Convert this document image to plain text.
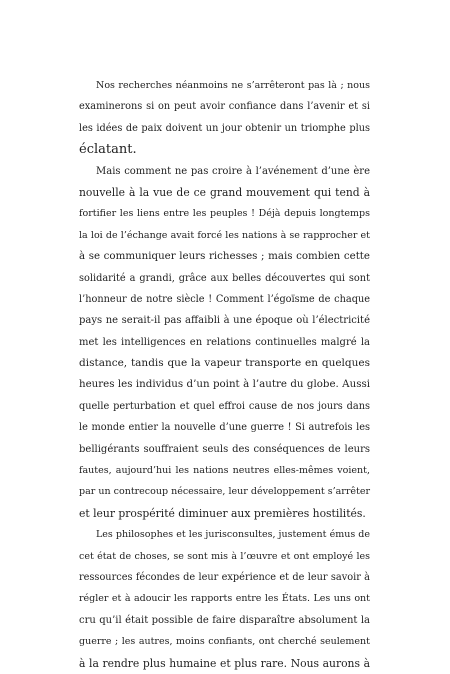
Nos recherches néanmoins ne s’arrêteront pas là ; nous
examinerons si on peut avoir confiance dans l’avenir et si
les idées de paix doivent un jour obtenir un triomphe plus
éclatant.
Mais comment ne pas croire à l’avénement d’une ère
nouvelle à la vue de ce grand mouvement qui tend à
fortifier les liens entre les peuples ! Déjà depuis longtemps
la loi de l’échange avait forcé les nations à se rapprocher et
à se communiquer leurs richesses ; mais combien cette
solidarité a grandi, grâce aux belles découvertes qui sont
l’honneur de notre siècle ! Comment l’égoïsme de chaque
pays ne serait-il pas affaibli à une époque où l’électricité
met les intelligences en relations continuelles malgré la
distance, tandis que la vapeur transporte en quelques
heures les individus d’un point à l’autre du globe. Aussi
quelle perturbation et quel effroi cause de nos jours dans
le monde entier la nouvelle d’une guerre ! Si autrefois les
belligérants souffraient seuls des conséquences de leurs
fautes, aujourd’hui les nations neutres elles-mêmes voient,
par un contrecoup nécessaire, leur développement s’arrêter
et leur prospérité diminuer aux premières hostilités.
Les philosophes et les jurisconsultes, justement émus de
cet état de choses, se sont mis à l’œuvre et ont employé les
ressources fécondes de leur expérience et de leur savoir à
régler et à adoucir les rapports entre les États. Les uns ont
cru qu’il était possible de faire disparaître absolument la
guerre ; les autres, moins confiants, ont cherché seulement
à la rendre plus humaine et plus rare. Nous aurons à
